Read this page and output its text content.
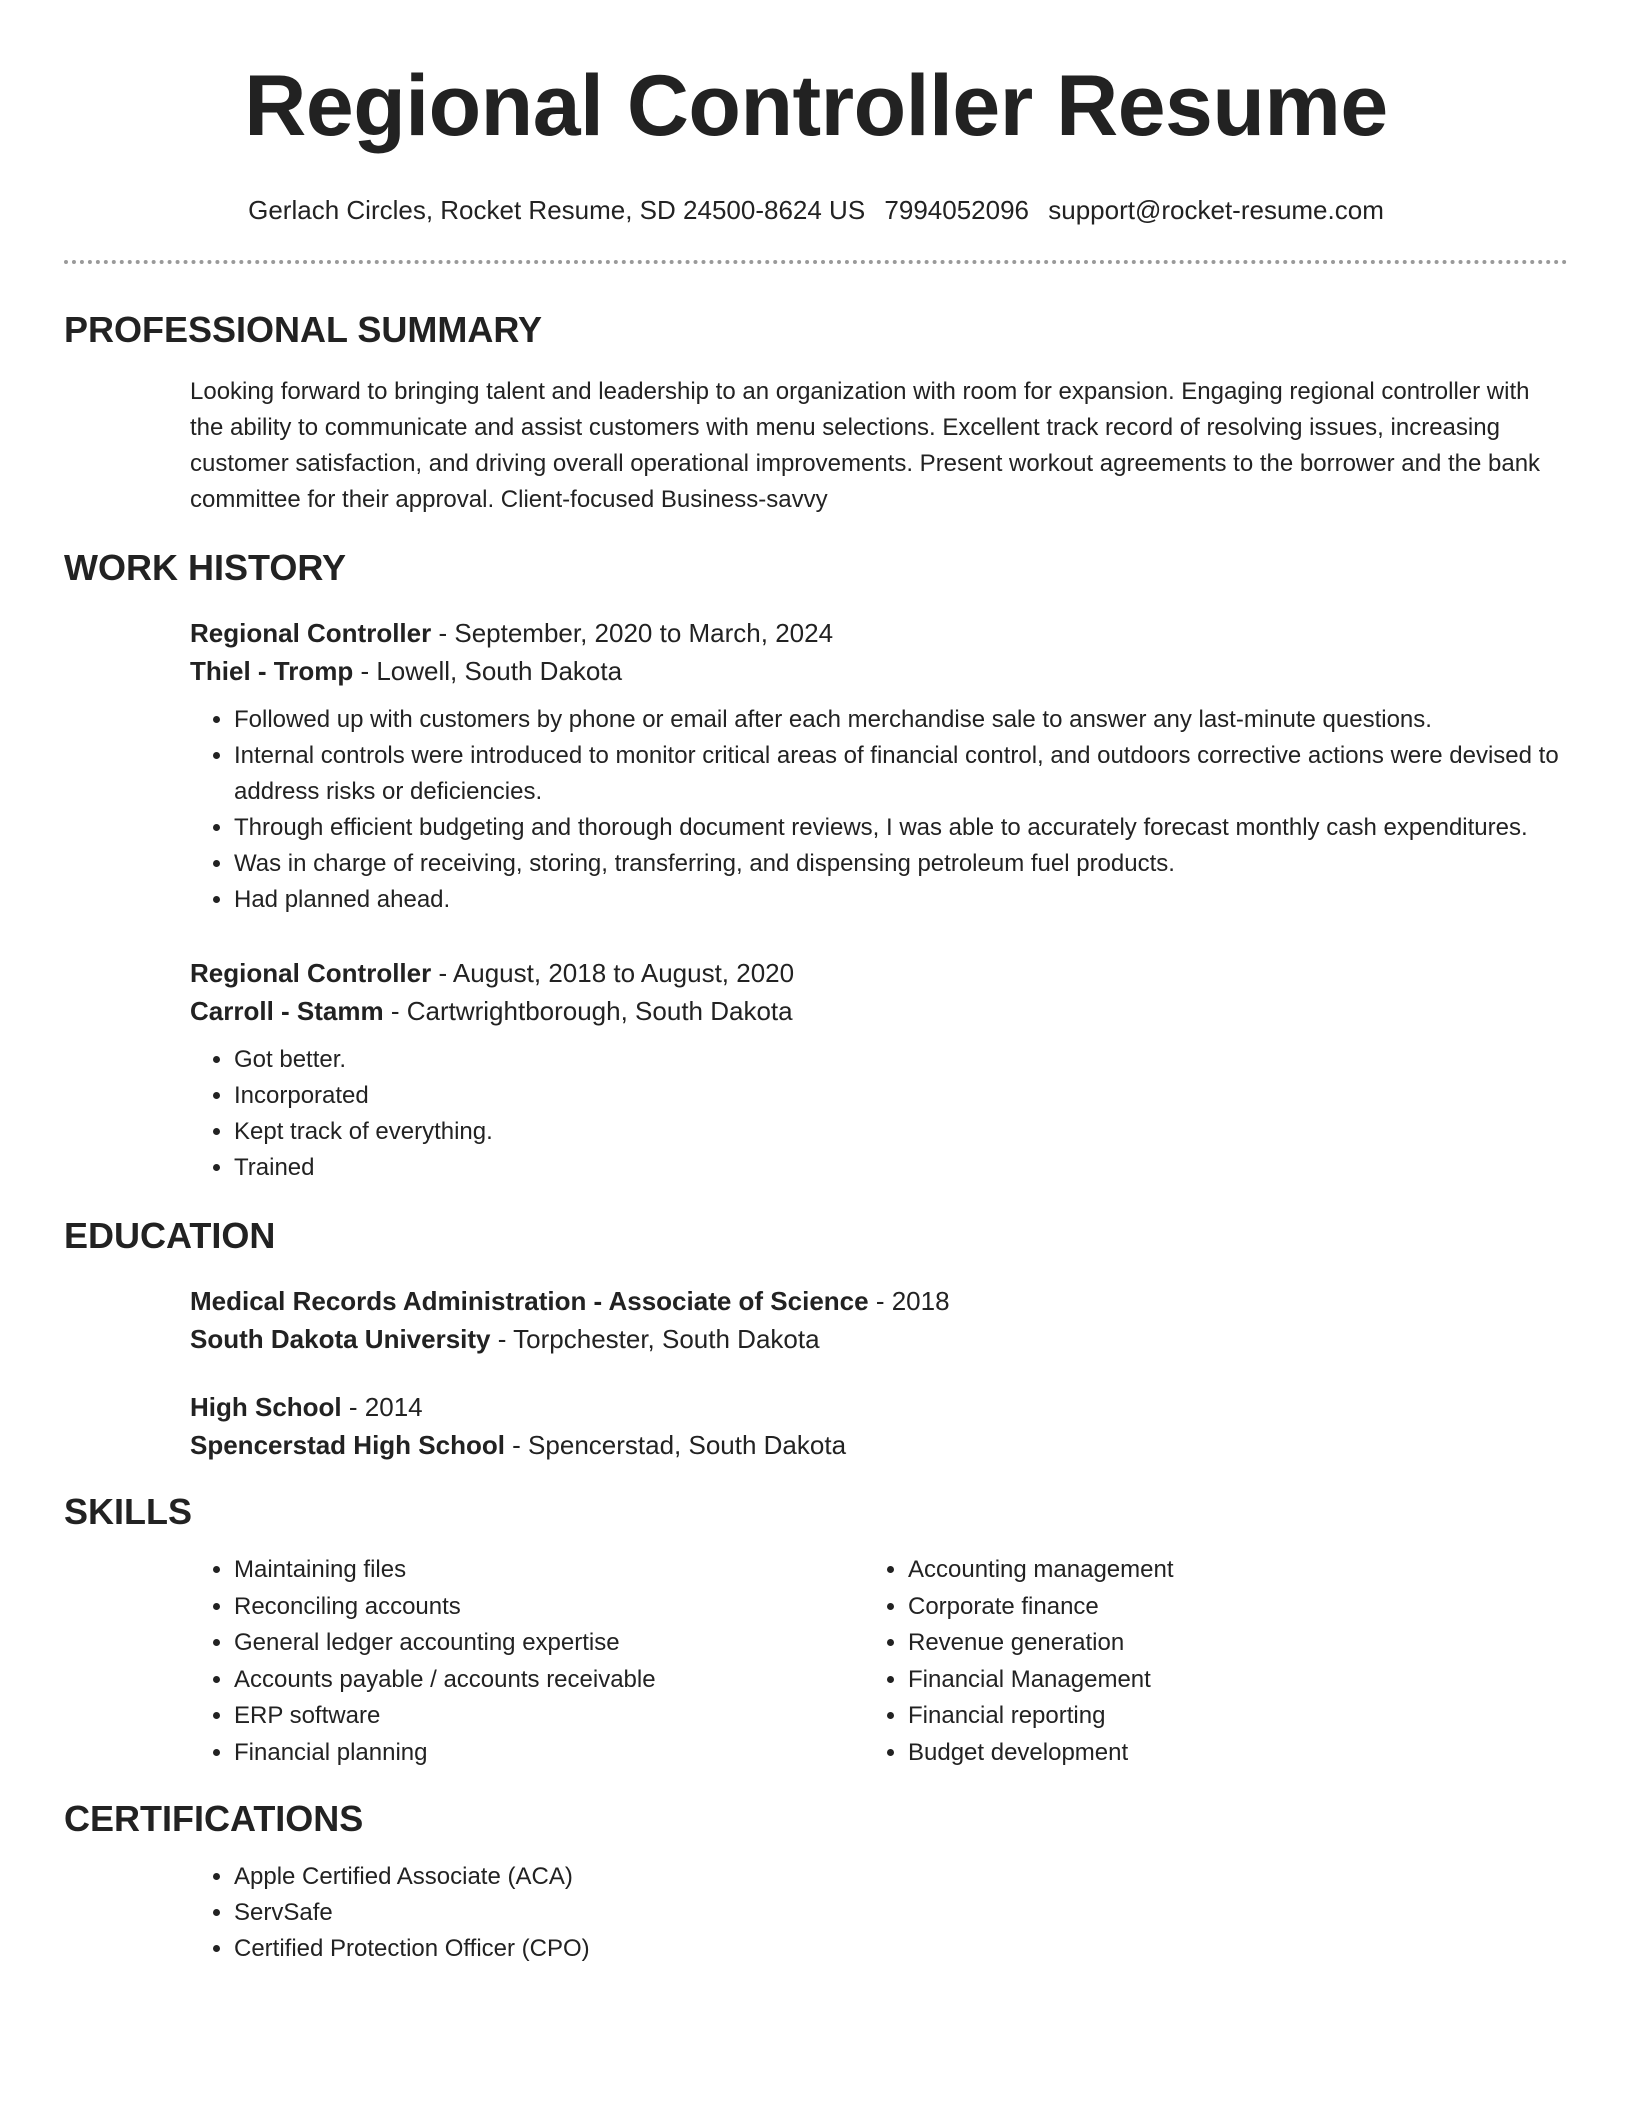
Regional Controller Resume
Gerlach Circles, Rocket Resume, SD 24500-8624 US 7994052096 support@rocket-resume.com
PROFESSIONAL SUMMARY
Looking forward to bringing talent and leadership to an organization with room for expansion. Engaging regional controller with the ability to communicate and assist customers with menu selections. Excellent track record of resolving issues, increasing customer satisfaction, and driving overall operational improvements. Present workout agreements to the borrower and the bank committee for their approval. Client-focused Business-savvy
WORK HISTORY
Regional Controller - September, 2020 to March, 2024
Thiel - Tromp - Lowell, South Dakota
• Followed up with customers by phone or email after each merchandise sale to answer any last-minute questions.
• Internal controls were introduced to monitor critical areas of financial control, and outdoors corrective actions were devised to address risks or deficiencies.
• Through efficient budgeting and thorough document reviews, I was able to accurately forecast monthly cash expenditures.
• Was in charge of receiving, storing, transferring, and dispensing petroleum fuel products.
• Had planned ahead.
Regional Controller - August, 2018 to August, 2020
Carroll - Stamm - Cartwrightborough, South Dakota
• Got better.
• Incorporated
• Kept track of everything.
• Trained
EDUCATION
Medical Records Administration - Associate of Science - 2018
South Dakota University - Torpchester, South Dakota
High School - 2014
Spencerstad High School - Spencerstad, South Dakota
SKILLS
• Maintaining files
• Reconciling accounts
• General ledger accounting expertise
• Accounts payable / accounts receivable
• ERP software
• Financial planning
• Accounting management
• Corporate finance
• Revenue generation
• Financial Management
• Financial reporting
• Budget development
CERTIFICATIONS
• Apple Certified Associate (ACA)
• ServSafe
• Certified Protection Officer (CPO)
